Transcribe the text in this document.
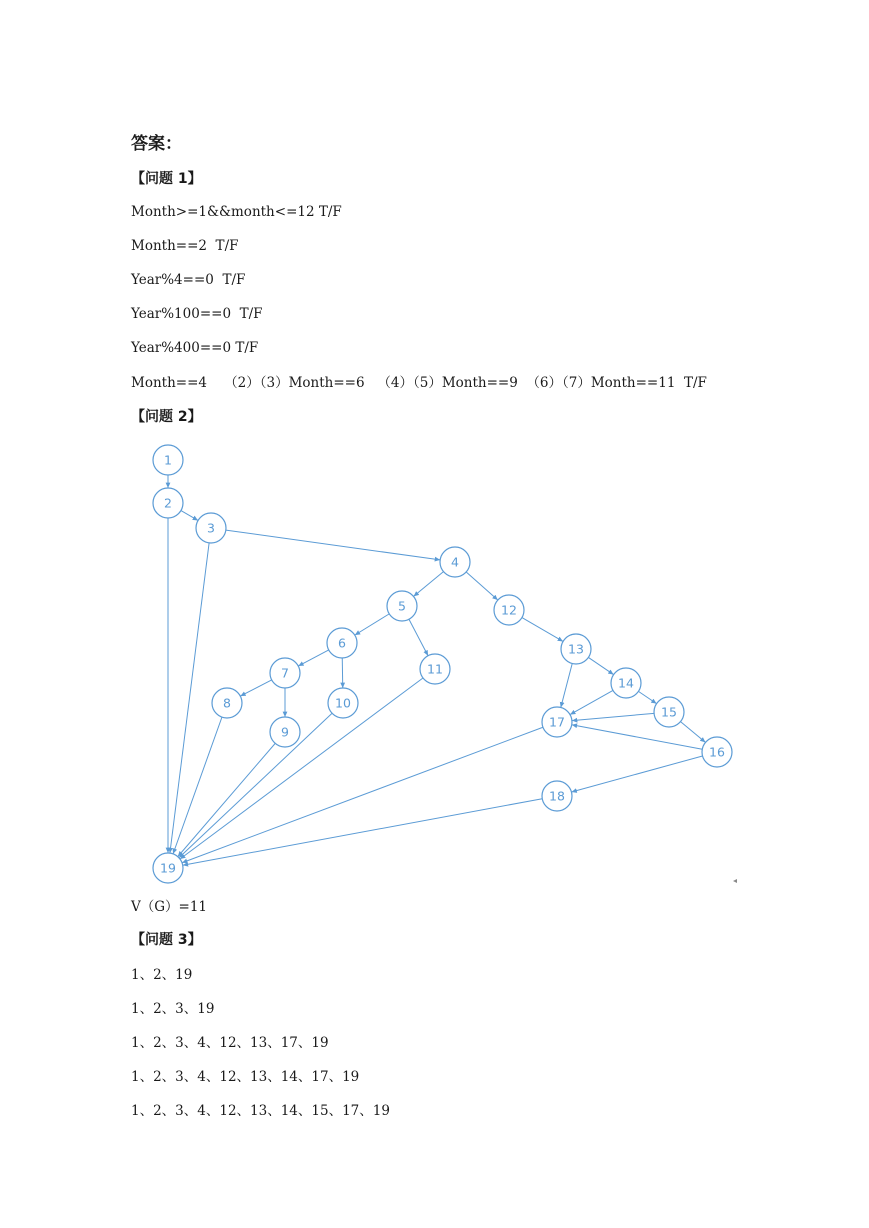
答案：
【问题 1】
Month>=1&&month<=12 T/F
Month==2  T/F
Year%4==0  T/F
Year%100==0  T/F
Year%400==0 T/F
Month==4    （2）（3）Month==6   （4）（5）Month==9  （6）（7）Month==11  T/F
【问题 2】
1
2
3
4
5
6
7
8
9
10
11
12
13
14
15
16
17
18
19
V（G）=11
【问题 3】
1、2、19
1、2、3、19
1、2、3、4、12、13、17、19
1、2、3、4、12、13、14、17、19
1、2、3、4、12、13、14、15、17、19
